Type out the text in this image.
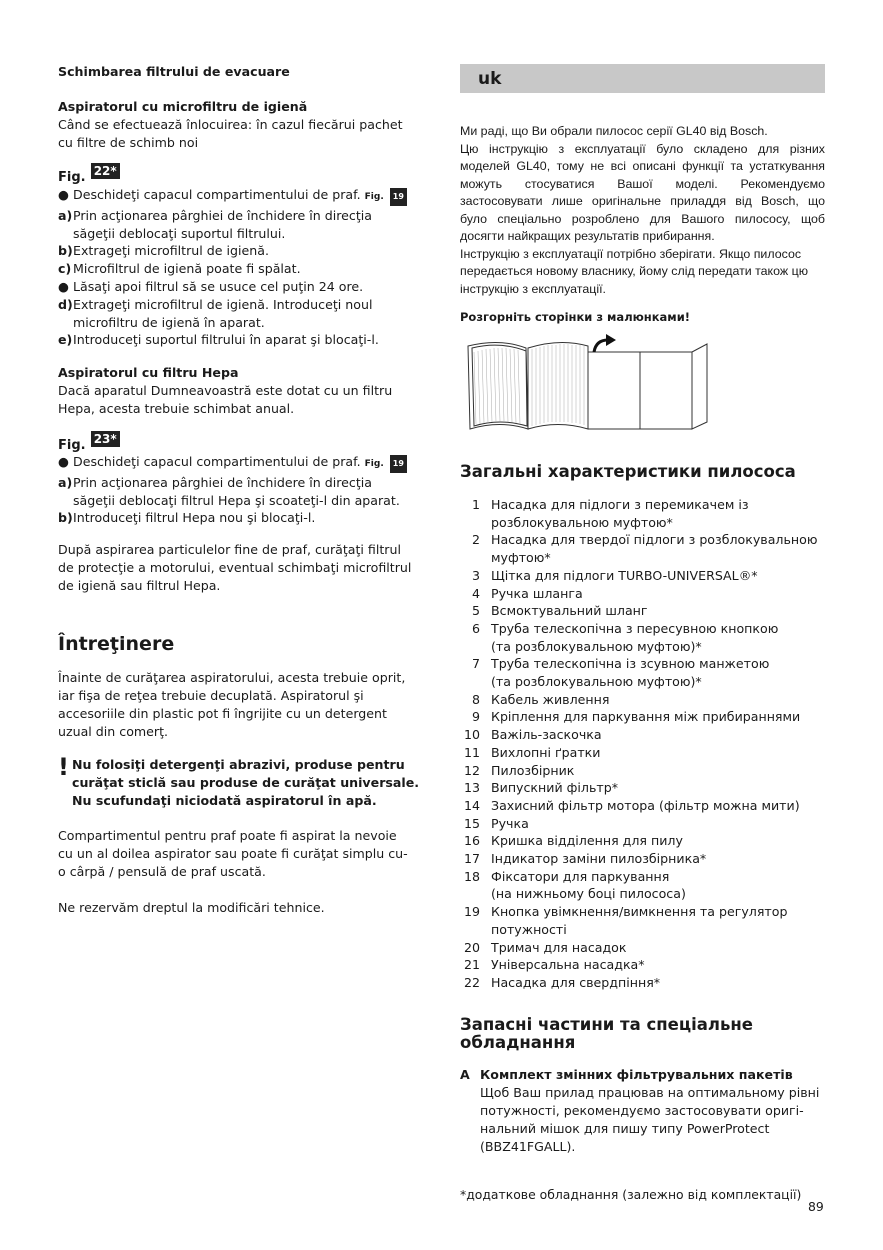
Schimbarea filtrului de evacuare
Aspiratorul cu microfiltru de igienă
Când se efectuează înlocuirea: în cazul fiecărui pachet
cu filtre de schimb noi
Fig. 22*
● Deschideţi capacul compartimentului de praf. Fig. 19
a) Prin acţionarea pârghiei de închidere în direcţia
săgeţii deblocaţi suportul filtrului.
b) Extrageţi microfiltrul de igienă.
c) Microfiltrul de igienă poate fi spălat.
● Lăsaţi apoi filtrul să se usuce cel puţin 24 ore.
d) Extrageţi microfiltrul de igienă. Introduceţi noul
microfiltru de igienă în aparat.
e) Introduceţi suportul filtrului în aparat şi blocaţi-l.
Aspiratorul cu filtru Hepa
Dacă aparatul Dumneavoastră este dotat cu un filtru
Hepa, acesta trebuie schimbat anual.
Fig. 23*
● Deschideţi capacul compartimentului de praf. Fig. 19
a) Prin acţionarea pârghiei de închidere în direcţia
săgeţii deblocaţi filtrul Hepa şi scoateţi-l din aparat.
b) Introduceţi filtrul Hepa nou şi blocaţi-l.
După aspirarea particulelor fine de praf, curăţaţi filtrul
de protecţie a motorului, eventual schimbaţi microfiltrul
de igienă sau filtrul Hepa.
Întreţinere
Înainte de curăţarea aspiratorului, acesta trebuie oprit,
iar fişa de reţea trebuie decuplată. Aspiratorul şi
accesoriile din plastic pot fi îngrijite cu un detergent
uzual din comerţ.
! Nu folosiţi detergenţi abrazivi, produse pentru
curăţat sticlă sau produse de curăţat universale.
Nu scufundaţi niciodată aspiratorul în apă.
Compartimentul pentru praf poate fi aspirat la nevoie
cu un al doilea aspirator sau poate fi curăţat simplu cu-
o cârpă / pensulă de praf uscată.
Ne rezervăm dreptul la modificări tehnice.
uk
Ми раді, що Ви обрали пилосос серії GL40 від Bosch.
Цю інструкцію з експлуатації було складено для різних
моделей GL40, тому не всі описані функції та устаткування
можуть стосуватися Вашої моделі. Рекомендуємо
застосовувати лише оригінальне приладдя від Bosch, що
було спеціально розроблено для Вашого пилососу, щоб
досягти найкращих результатів прибирання.
Інструкцію з експлуатації потрібно зберігати. Якщо пилосос
передається новому власнику, йому слід передати також цю
інструкцію з експлуатації.
Розгорніть сторінки з малюнками!
Загальні характеристики пилососа
1 Насадка для підлоги з перемикачем із
розблокувальною муфтою*
2 Насадка для твердої підлоги з розблокувальною
муфтою*
3 Щітка для підлоги TURBO-UNIVERSAL®*
4 Ручка шланга
5 Всмоктувальний шланг
6 Труба телескопічна з пересувною кнопкою
(та розблокувальною муфтою)*
7 Труба телескопічна із зсувною манжетою
(та розблокувальною муфтою)*
8 Кабель живлення
9 Кріплення для паркування між прибираннями
10 Важіль-заскочка
11 Вихлопні ґратки
12 Пилозбірник
13 Випускний фільтр*
14 Захисний фільтр мотора (фільтр можна мити)
15 Ручка
16 Кришка відділення для пилу
17 Індикатор заміни пилозбірника*
18 Фіксатори для паркування
(на нижньому боці пилососа)
19 Кнопка увімкнення/вимкнення та регулятор
потужності
20 Тримач для насадок
21 Універсальна насадка*
22 Насадка для свердпіння*
Запасні частини та спеціальне
обладнання
A Комплект змінних фільтрувальних пакетів
Щоб Ваш прилад працював на оптимальному рівні
потужності, рекомендуємо застосовувати оригі-
нальний мішок для пишу типу PowerProtect
(BBZ41FGALL).
*додаткове обладнання (залежно від комплектації)
89
